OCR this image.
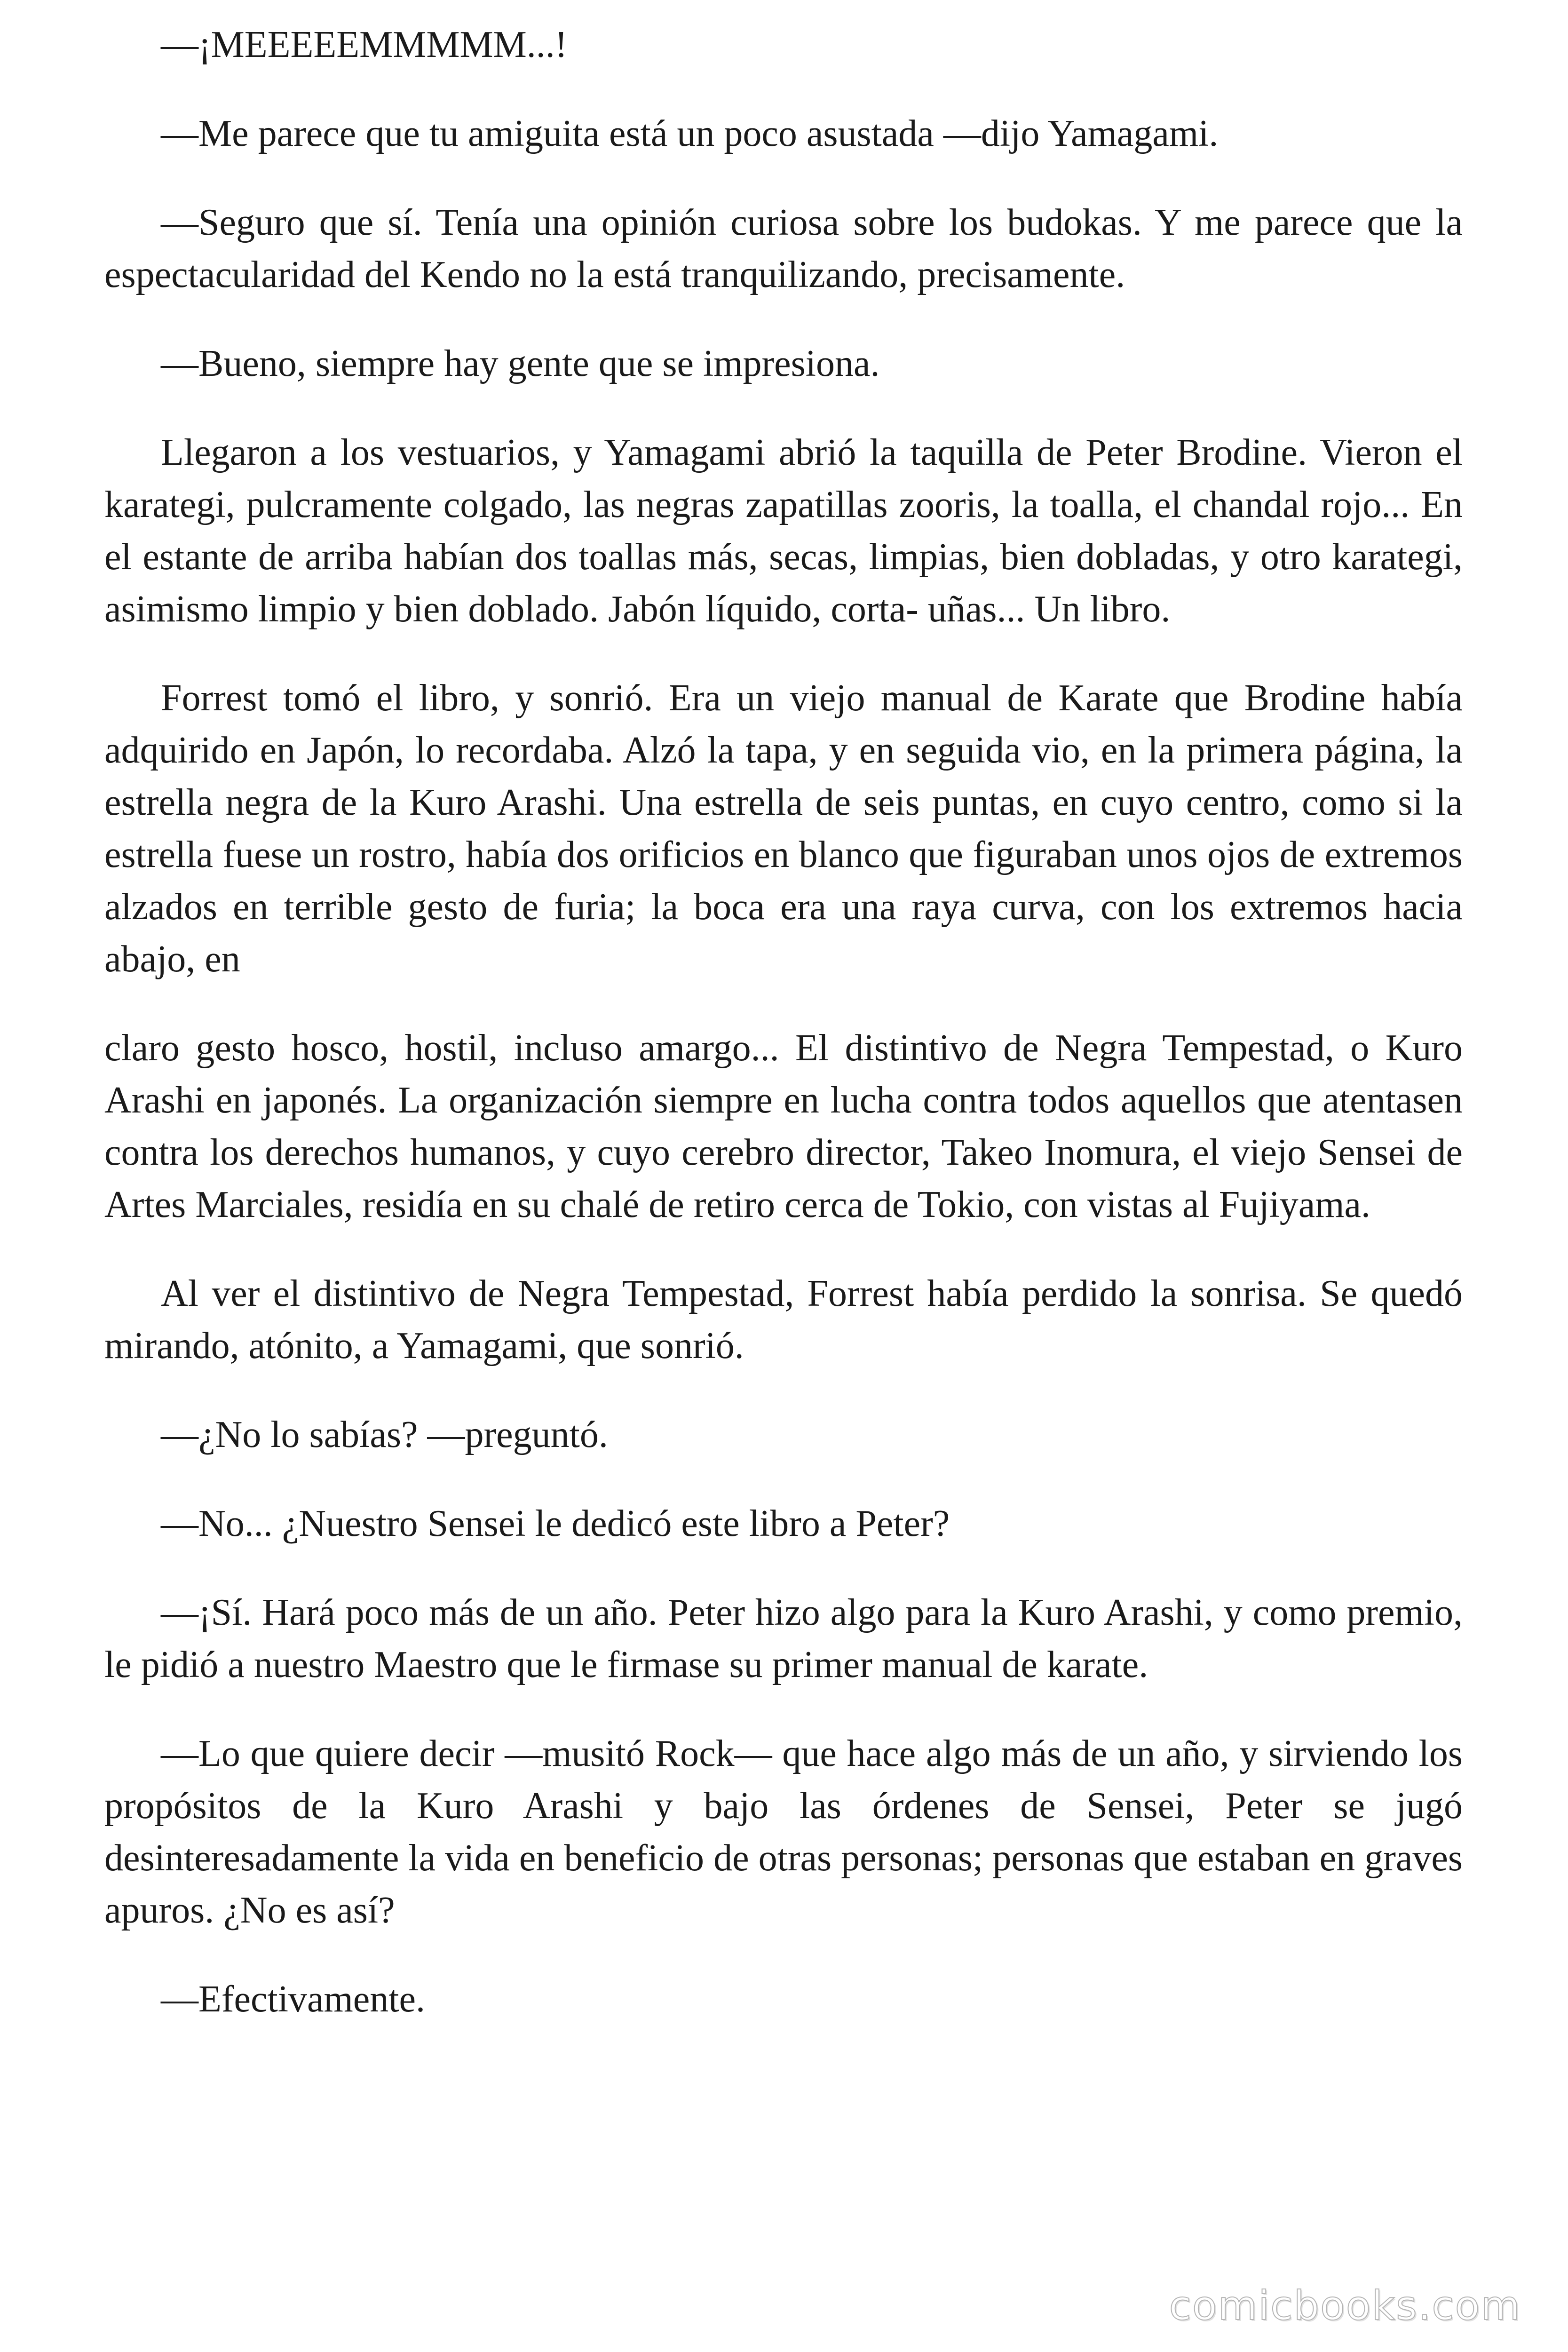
—¡MEEEEEMMMMM...!

—Me parece que tu amiguita está un poco asustada —dijo Yamagami.

—Seguro que sí. Tenía una opinión curiosa sobre los budokas. Y me parece que la espectacularidad del Kendo no la está tranquilizando, precisamente.

—Bueno, siempre hay gente que se impresiona.

Llegaron a los vestuarios, y Yamagami abrió la taquilla de Peter Brodine. Vieron el karategi, pulcramente colgado, las negras zapatillas zooris, la toalla, el chandal rojo... En el estante de arriba habían dos toallas más, secas, limpias, bien dobladas, y otro karategi, asimismo limpio y bien doblado. Jabón líquido, corta- uñas... Un libro.

Forrest tomó el libro, y sonrió. Era un viejo manual de Karate que Brodine había adquirido en Japón, lo recordaba. Alzó la tapa, y en seguida vio, en la primera página, la estrella negra de la Kuro Arashi. Una estrella de seis puntas, en cuyo centro, como si la estrella fuese un rostro, había dos orificios en blanco que figuraban unos ojos de extremos alzados en terrible gesto de furia; la boca era una raya curva, con los extremos hacia abajo, en

claro gesto hosco, hostil, incluso amargo... El distintivo de Negra Tempestad, o Kuro Arashi en japonés. La organización siempre en lucha contra todos aquellos que atentasen contra los derechos humanos, y cuyo cerebro director, Takeo Inomura, el viejo Sensei de Artes Marciales, residía en su chalé de retiro cerca de Tokio, con vistas al Fujiyama.

Al ver el distintivo de Negra Tempestad, Forrest había perdido la sonrisa. Se quedó mirando, atónito, a Yamagami, que sonrió.

—¿No lo sabías? —preguntó.

—No... ¿Nuestro Sensei le dedicó este libro a Peter?

—¡Sí. Hará poco más de un año. Peter hizo algo para la Kuro Arashi, y como premio, le pidió a nuestro Maestro que le firmase su primer manual de karate.

—Lo que quiere decir —musitó Rock— que hace algo más de un año, y sirviendo los propósitos de la Kuro Arashi y bajo las órdenes de Sensei, Peter se jugó desinteresadamente la vida en beneficio de otras personas; personas que estaban en graves apuros. ¿No es así?

—Efectivamente.

comicbooks.com
